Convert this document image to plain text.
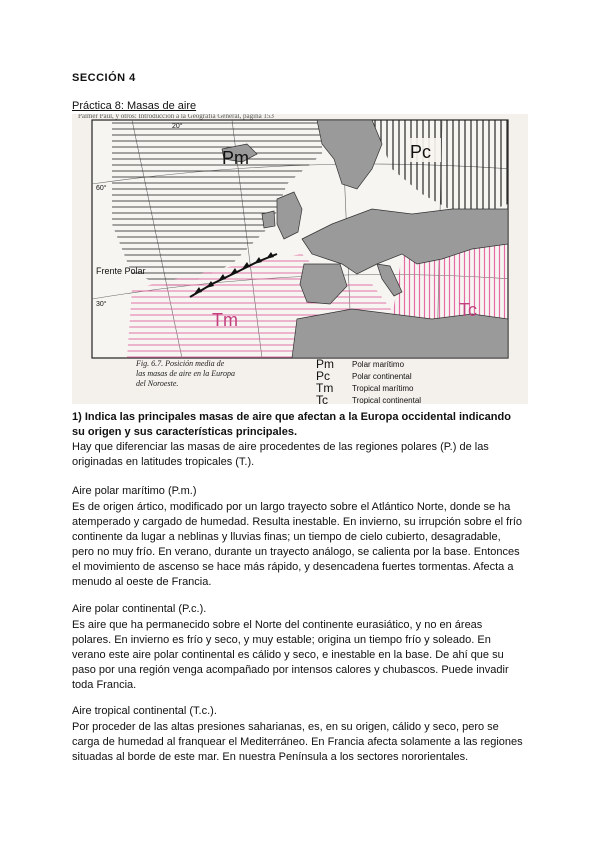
SECCIÓN 4
Práctica 8: Masas de aire
Palmer Paul, y otros: Introducción a la Geografía General, página 153
Pm	Pc
Tm	Tc
Frente Polar
60°
30°
20°
Fig. 6.7. Posición media de
las masas de aire en la Europa
del Noroeste.
Pm Polar marítimo
Pc	Polar continental
Tm Tropical marítimo
Tc	Tropical continental
1) Indica las principales masas de aire que afectan a la Europa occidental indicando
su origen y sus características principales.
Hay que diferenciar las masas de aire procedentes de las regiones polares (P.) de las
originadas en latitudes tropicales (T.).
Aire polar marítimo (P.m.)
Es de origen ártico, modificado por un largo trayecto sobre el Atlántico Norte, donde se ha
atemperado y cargado de humedad. Resulta inestable. En invierno, su irrupción sobre el frío
continente da lugar a neblinas y lluvias finas; un tiempo de cielo cubierto, desagradable,
pero no muy frío. En verano, durante un trayecto análogo, se calienta por la base. Entonces
el movimiento de ascenso se hace más rápido, y desencadena fuertes tormentas. Afecta a
menudo al oeste de Francia.
Aire polar continental (P.c.).
Es aire que ha permanecido sobre el Norte del continente eurasiático, y no en áreas
polares. En invierno es frío y seco, y muy estable; origina un tiempo frío y soleado. En
verano este aire polar continental es cálido y seco, e inestable en la base. De ahí que su
paso por una región venga acompañado por intensos calores y chubascos. Puede invadir
toda Francia.
Aire tropical continental (T.c.).
Por proceder de las altas presiones saharianas, es, en su origen, cálido y seco, pero se
carga de humedad al franquear el Mediterráneo. En Francia afecta solamente a las regiones
situadas al borde de este mar. En nuestra Península a los sectores nororientales.
